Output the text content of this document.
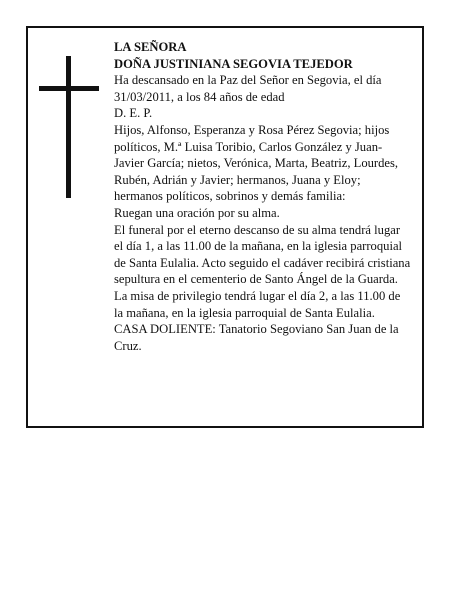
LA SEÑORA

DOÑA JUSTINIANA SEGOVIA TEJEDOR

Ha descansado en la Paz del Señor en Segovia, el día 31/03/2011, a los 84 años de edad

D. E. P.

Hijos, Alfonso, Esperanza y Rosa Pérez Segovia; hijos políticos, M.ª Luisa Toribio, Carlos González y Juan-Javier García; nietos, Verónica, Marta, Beatriz, Lourdes, Rubén, Adrián y Javier; hermanos, Juana y Eloy; hermanos políticos, sobrinos y demás familia:

Ruegan una oración por su alma.

El funeral por el eterno descanso de su alma tendrá lugar el día 1, a las 11.00 de la mañana, en la iglesia parroquial de Santa Eulalia. Acto seguido el cadáver recibirá cristiana sepultura en el cementerio de Santo Ángel de la Guarda.

La misa de privilegio tendrá lugar el día 2, a las 11.00 de la mañana, en la iglesia parroquial de Santa Eulalia.

CASA DOLIENTE: Tanatorio Segoviano San Juan de la Cruz.
